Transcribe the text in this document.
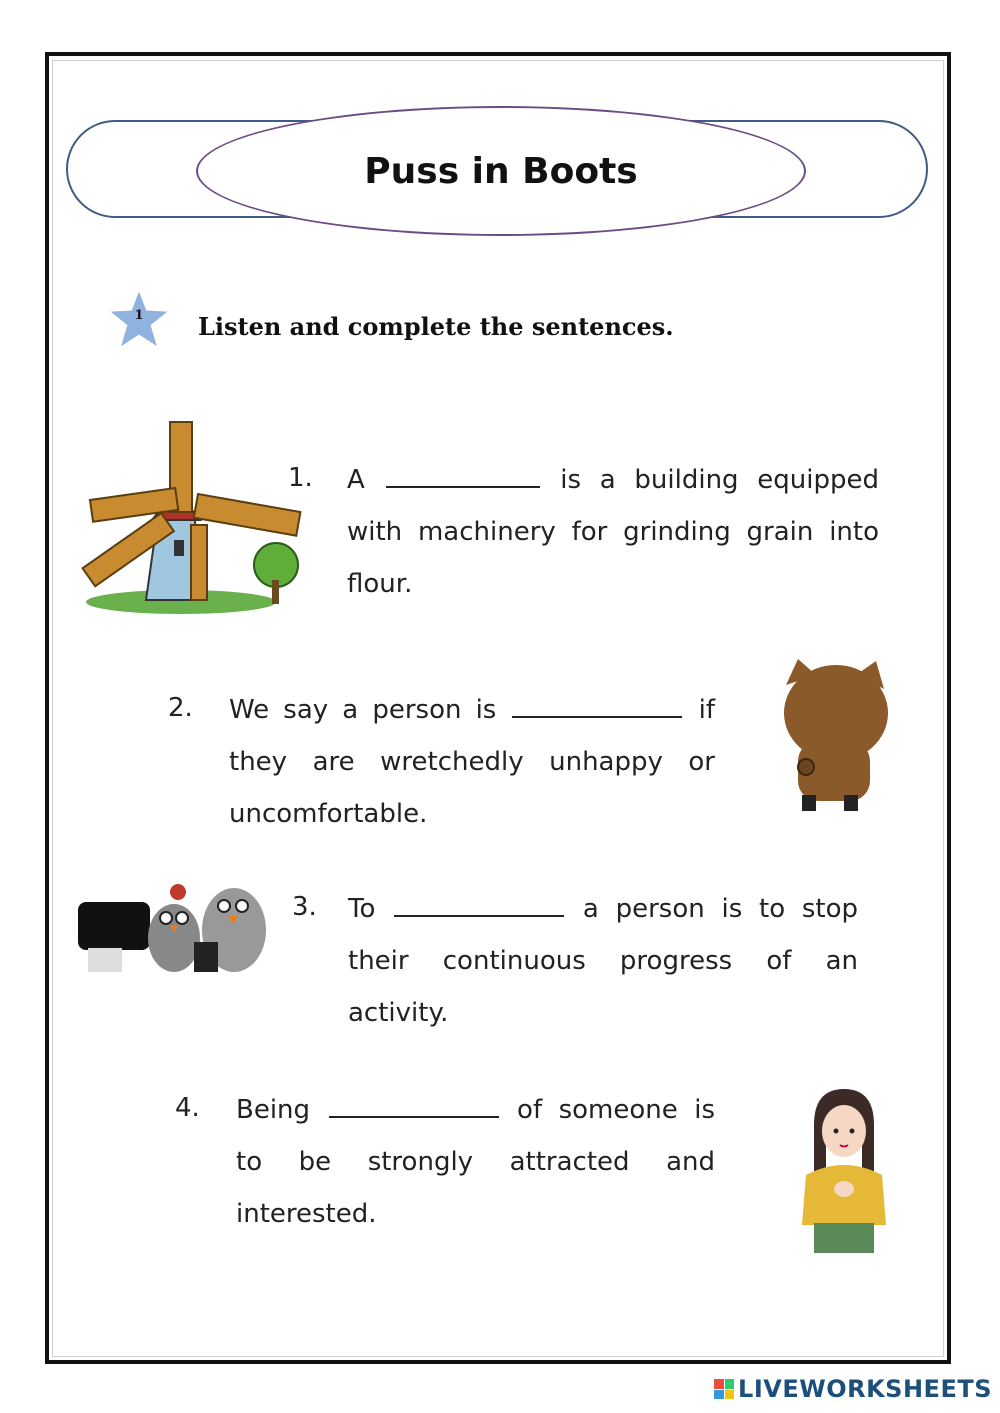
Puss in Boots
1 Listen and complete the sentences.
1. A	is a building equipped with machinery for grinding grain into flour.
2. We say a person is	if they are wretchedly unhappy or uncomfortable.
3. To	a person is to stop their continuous progress of an activity.
4. Being	of someone is to be strongly attracted and interested.
LIVEWORKSHEETS
